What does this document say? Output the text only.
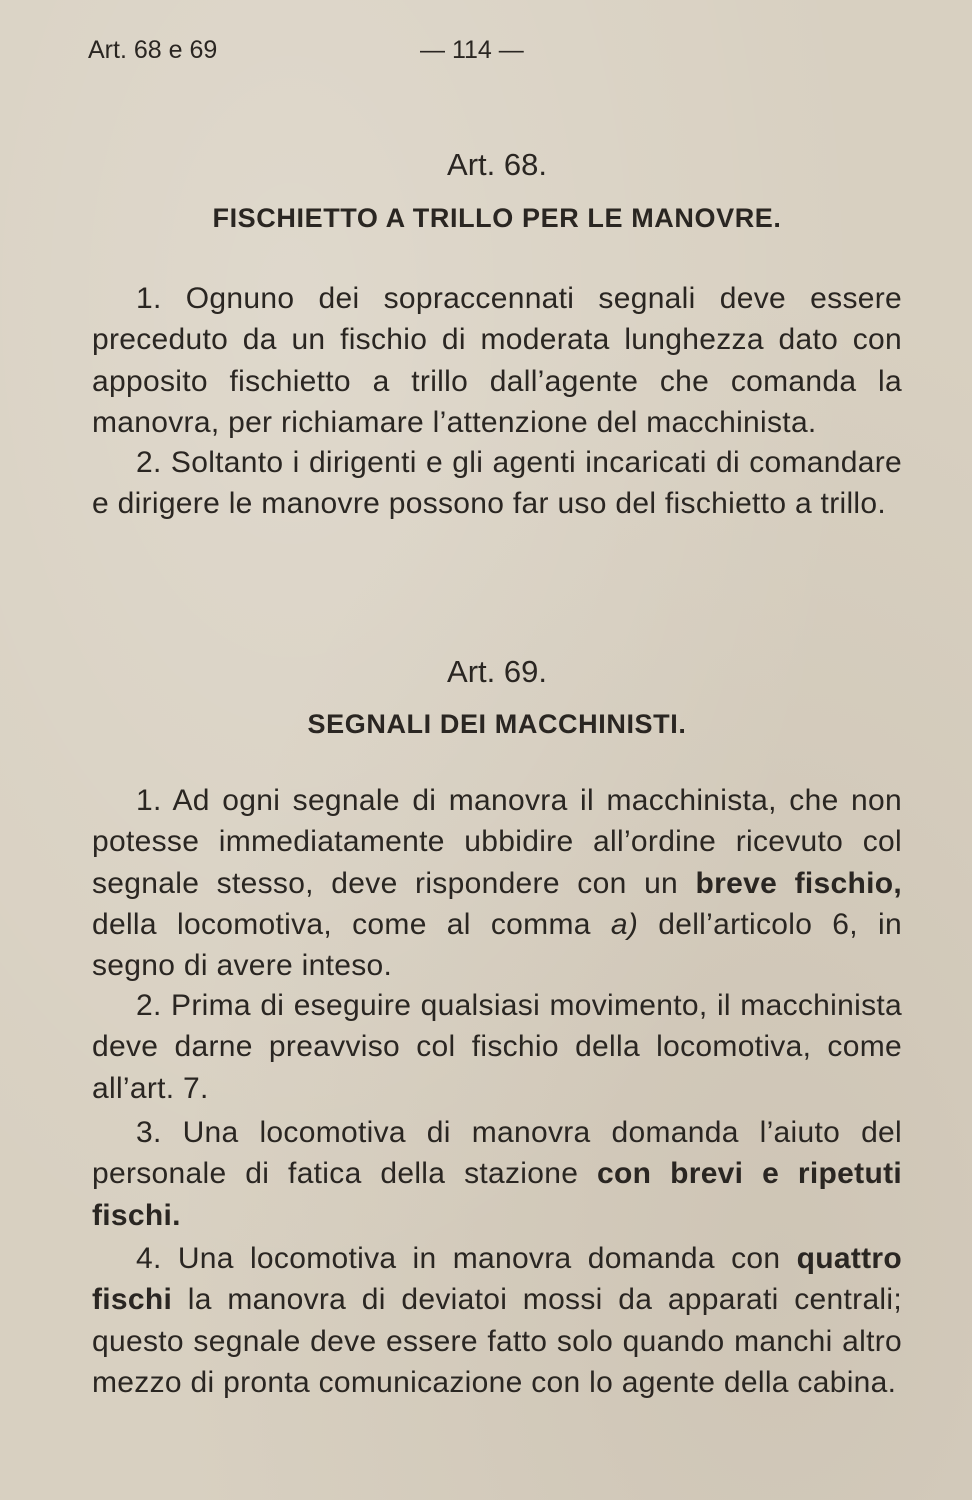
Art. 68 e 69	— 114 —
Art. 68.
FISCHIETTO A TRILLO PER LE MANOVRE.

1. Ognuno dei sopraccennati segnali deve essere preceduto da un fischio di moderata lunghezza dato con apposito fischietto a trillo dall’agente che comanda la manovra, per richiamare l’attenzione del macchinista.

2. Soltanto i dirigenti e gli agenti incaricati di comandare e dirigere le manovre possono far uso del fischietto a trillo.

Art. 69.
SEGNALI DEI MACCHINISTI.

1. Ad ogni segnale di manovra il macchinista, che non potesse immediatamente ubbidire all’ordine ricevuto col segnale stesso, deve rispondere con un breve fischio, della locomotiva, come al comma a) dell’articolo 6, in segno di avere inteso.

2. Prima di eseguire qualsiasi movimento, il macchinista deve darne preavviso col fischio della locomotiva, come all’art. 7.

3. Una locomotiva di manovra domanda l’aiuto del personale di fatica della stazione con brevi e ripetuti fischi.

4. Una locomotiva in manovra domanda con quattro fischi la manovra di deviatoi mossi da apparati centrali; questo segnale deve essere fatto solo quando manchi altro mezzo di pronta comunicazione con lo agente della cabina.
